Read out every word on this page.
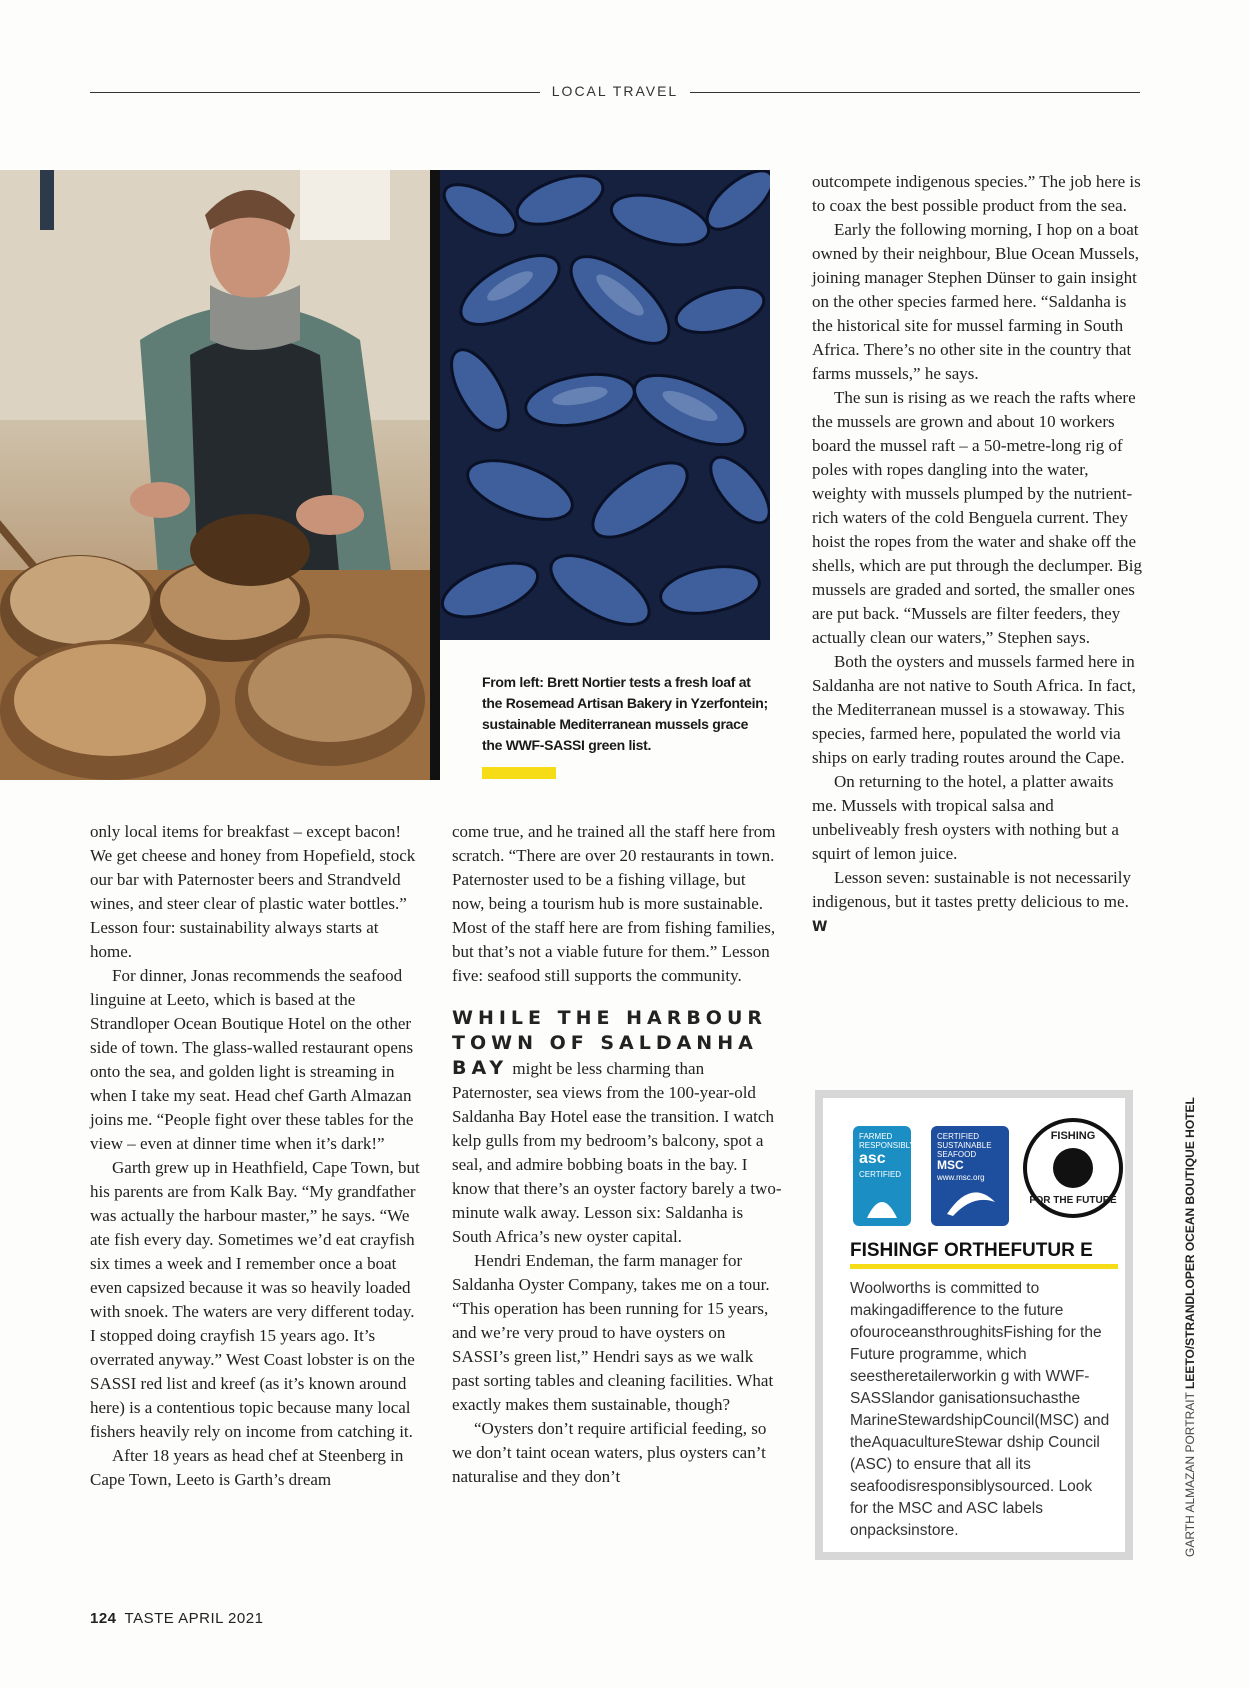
LOCAL TRAVEL
From left: Brett Nortier tests a fresh loaf at
the Rosemead Artisan Bakery in Yzerfontein;
sustainable Mediterranean mussels grace
the WWF-SASSI green list.

only local items for breakfast – except bacon! We get cheese and honey from Hopefield, stock our bar with Paternoster beers and Strandveld wines, and steer clear of plastic water bottles.” Lesson four: sustainability always starts at home.

For dinner, Jonas recommends the seafood linguine at Leeto, which is based at the Strandloper Ocean Boutique Hotel on the other side of town. The glass-walled restaurant opens onto the sea, and golden light is streaming in when I take my seat. Head chef Garth Almazan joins me. “People fight over these tables for the view – even at dinner time when it’s dark!”

Garth grew up in Heathfield, Cape Town, but his parents are from Kalk Bay. “My grandfather was actually the harbour master,” he says. “We ate fish every day. Sometimes we’d eat crayfish six times a week and I remember once a boat even capsized because it was so heavily loaded with snoek. The waters are very different today. I stopped doing crayfish 15 years ago. It’s overrated anyway.” West Coast lobster is on the SASSI red list and kreef (as it’s known around here) is a contentious topic because many local fishers heavily rely on income from catching it.

After 18 years as head chef at Steenberg in Cape Town, Leeto is Garth’s dream

come true, and he trained all the staff here from scratch. “There are over 20 restaurants in town. Paternoster used to be a fishing village, but now, being a tourism hub is more sustainable. Most of the staff here are from fishing families, but that’s not a viable future for them.” Lesson five: seafood still supports the community.

WHILE THE HARBOUR TOWN OF SALDANHA BAY might be less charming than Paternoster, sea views from the 100-year-old Saldanha Bay Hotel ease the transition. I watch kelp gulls from my bedroom’s balcony, spot a seal, and admire bobbing boats in the bay. I know that there’s an oyster factory barely a two-minute walk away. Lesson six: Saldanha is South Africa’s new oyster capital.

Hendri Endeman, the farm manager for Saldanha Oyster Company, takes me on a tour. “This operation has been running for 15 years, and we’re very proud to have oysters on SASSI’s green list,” Hendri says as we walk past sorting tables and cleaning facilities. What exactly makes them sustainable, though?

“Oysters don’t require artificial feeding, so we don’t taint ocean waters, plus oysters can’t naturalise and they don’t

outcompete indigenous species.” The job here is to coax the best possible product from the sea.

Early the following morning, I hop on a boat owned by their neighbour, Blue Ocean Mussels, joining manager Stephen Dünser to gain insight on the other species farmed here. “Saldanha is the historical site for mussel farming in South Africa. There’s no other site in the country that farms mussels,” he says.

The sun is rising as we reach the rafts where the mussels are grown and about 10 workers board the mussel raft – a 50-metre-long rig of poles with ropes dangling into the water, weighty with mussels plumped by the nutrient-rich waters of the cold Benguela current. They hoist the ropes from the water and shake off the shells, which are put through the declumper. Big mussels are graded and sorted, the smaller ones are put back. “Mussels are filter feeders, they actually clean our waters,” Stephen says.

Both the oysters and mussels farmed here in Saldanha are not native to South Africa. In fact, the Mediterranean mussel is a stowaway. This species, farmed here, populated the world via ships on early trading routes around the Cape.

On returning to the hotel, a platter awaits me. Mussels with tropical salsa and unbeliveably fresh oysters with nothing but a squirt of lemon juice.

Lesson seven: sustainable is not necessarily indigenous, but it tastes pretty delicious to me. W

FARMED RESPONSIBLY
asc
CERTIFIED
CERTIFIED SUSTAINABLE SEAFOOD
MSC
www.msc.org
FISHING
FOR THE FUTURE
FISHINGF ORTHEFUTUR E
Woolworths is committed to makingadifference to the future ofouroceansthroughitsFishing for the Future programme, which seestheretailerworkin g with WWF-SASSlandor ganisationsuchasthe MarineStewardshipCouncil(MSC) and theAquacultureStewar dship Council (ASC) to ensure that all its seafoodisresponsiblysourced. Look for the MSC and ASC labels onpacksinstore.	GARTH ALMAZAN PORTRAIT LEETO/STRANDLOPER OCEAN BOUTIQUE HOTEL
124 TASTE APRIL 2021
